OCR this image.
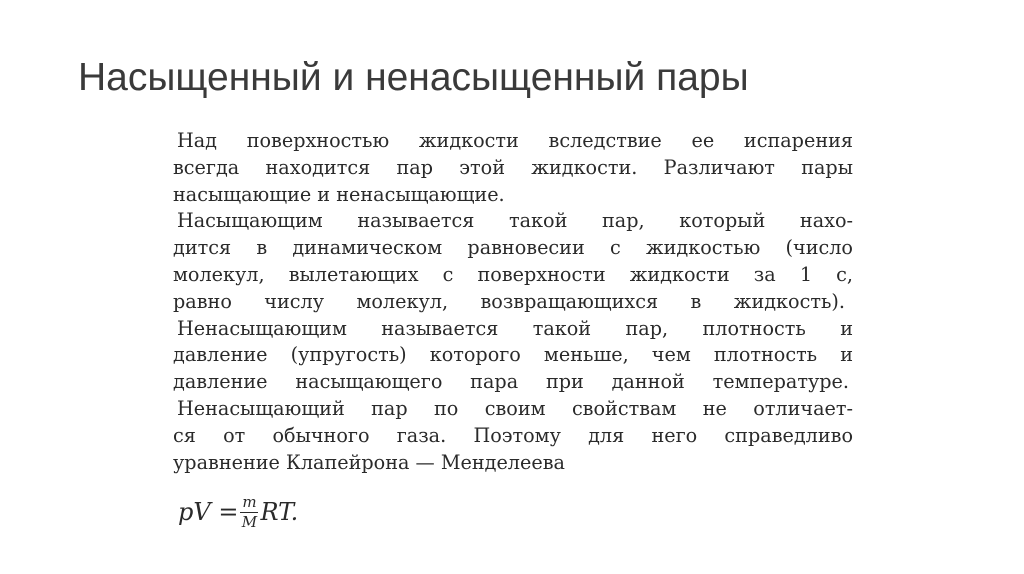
Насыщенный и ненасыщенный пары
Над поверхностью жидкости вследствие ее испарения
всегда находится пар этой жидкости. Различают пары
насыщающие и ненасыщающие.
Насыщающим называется такой пар, который нахо-
дится в динамическом равновесии с жидкостью (число
молекул, вылетающих с поверхности жидкости за 1 с,
равно числу молекул, возвращающихся в жидкость).
Ненасыщающим называется такой пар, плотность и
давление (упругость) которого меньше, чем плотность и
давление насыщающего пара при данной температуре.
Ненасыщающий пар по своим свойствам не отличает-
ся от обычного газа. Поэтому для него справедливо
уравнение Клапейрона — Менделеева
pV = $\frac{m}{M}$ RT.
